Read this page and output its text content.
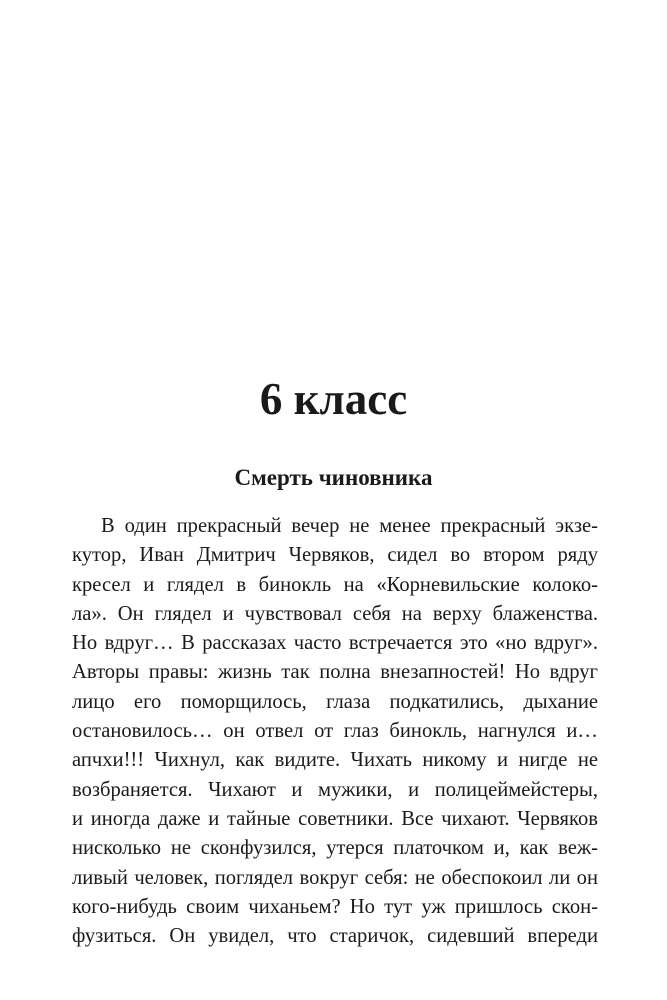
6 класс
Смерть чиновника
В один прекрасный вечер не менее прекрасный экзе-
кутор, Иван Дмитрич Червяков, сидел во втором ряду
кресел и глядел в бинокль на «Корневильские колоко-
ла». Он глядел и чувствовал себя на верху блаженства.
Но вдруг… В рассказах часто встречается это «но вдруг».
Авторы правы: жизнь так полна внезапностей! Но вдруг
лицо его поморщилось, глаза подкатились, дыхание
остановилось… он отвел от глаз бинокль, нагнулся и…
апчхи!!! Чихнул, как видите. Чихать никому и нигде не
возбраняется. Чихают и мужики, и полицеймейстеры,
и иногда даже и тайные советники. Все чихают. Червяков
нисколько не сконфузился, утерся платочком и, как веж-
ливый человек, поглядел вокруг себя: не обеспокоил ли он
кого-нибудь своим чиханьем? Но тут уж пришлось скон-
фузиться. Он увидел, что старичок, сидевший впереди
